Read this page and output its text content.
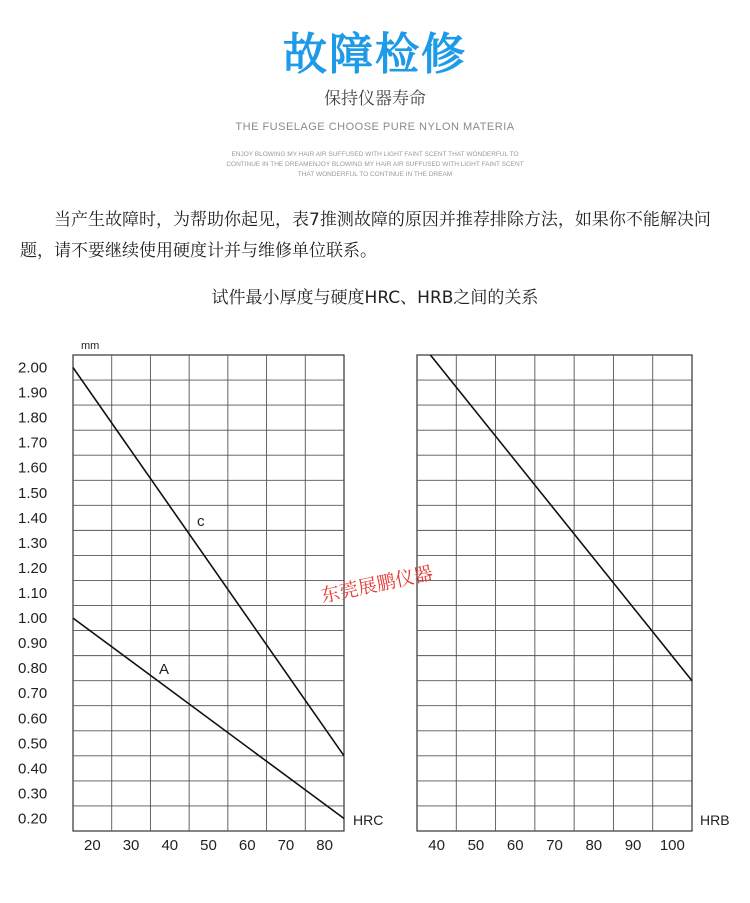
故障检修
保持仪器寿命
THE FUSELAGE CHOOSE PURE NYLON MATERIA
ENJOY BLOWING MY HAIR AIR SUFFUSED WITH LIGHT FAINT SCENT THAT WONDERFUL TO
CONTINUE IN THE DREAMENJOY BLOWING MY HAIR AIR SUFFUSED WITH LIGHT FAINT SCENT
THAT WONDERFUL TO CONTINUE IN THE DREAM
当产生故障时，为帮助你起见，表7推测故障的原因并推荐排除方法，如果你不能解决问题，请不要继续使用硬度计并与维修单位联系。
试件最小厚度与硬度HRC、HRB之间的关系
20 30 40 50 60 70 80
HRC
2.00
1.90
1.80
1.70
1.60
1.50
1.40
1.30
1.20
1.10
1.00
0.90
0.80
0.70
0.60
0.50
0.40
0.30
0.20
mm
c
A
40 50 60 70 80 90 100
HRB
东莞展鹏仪器
